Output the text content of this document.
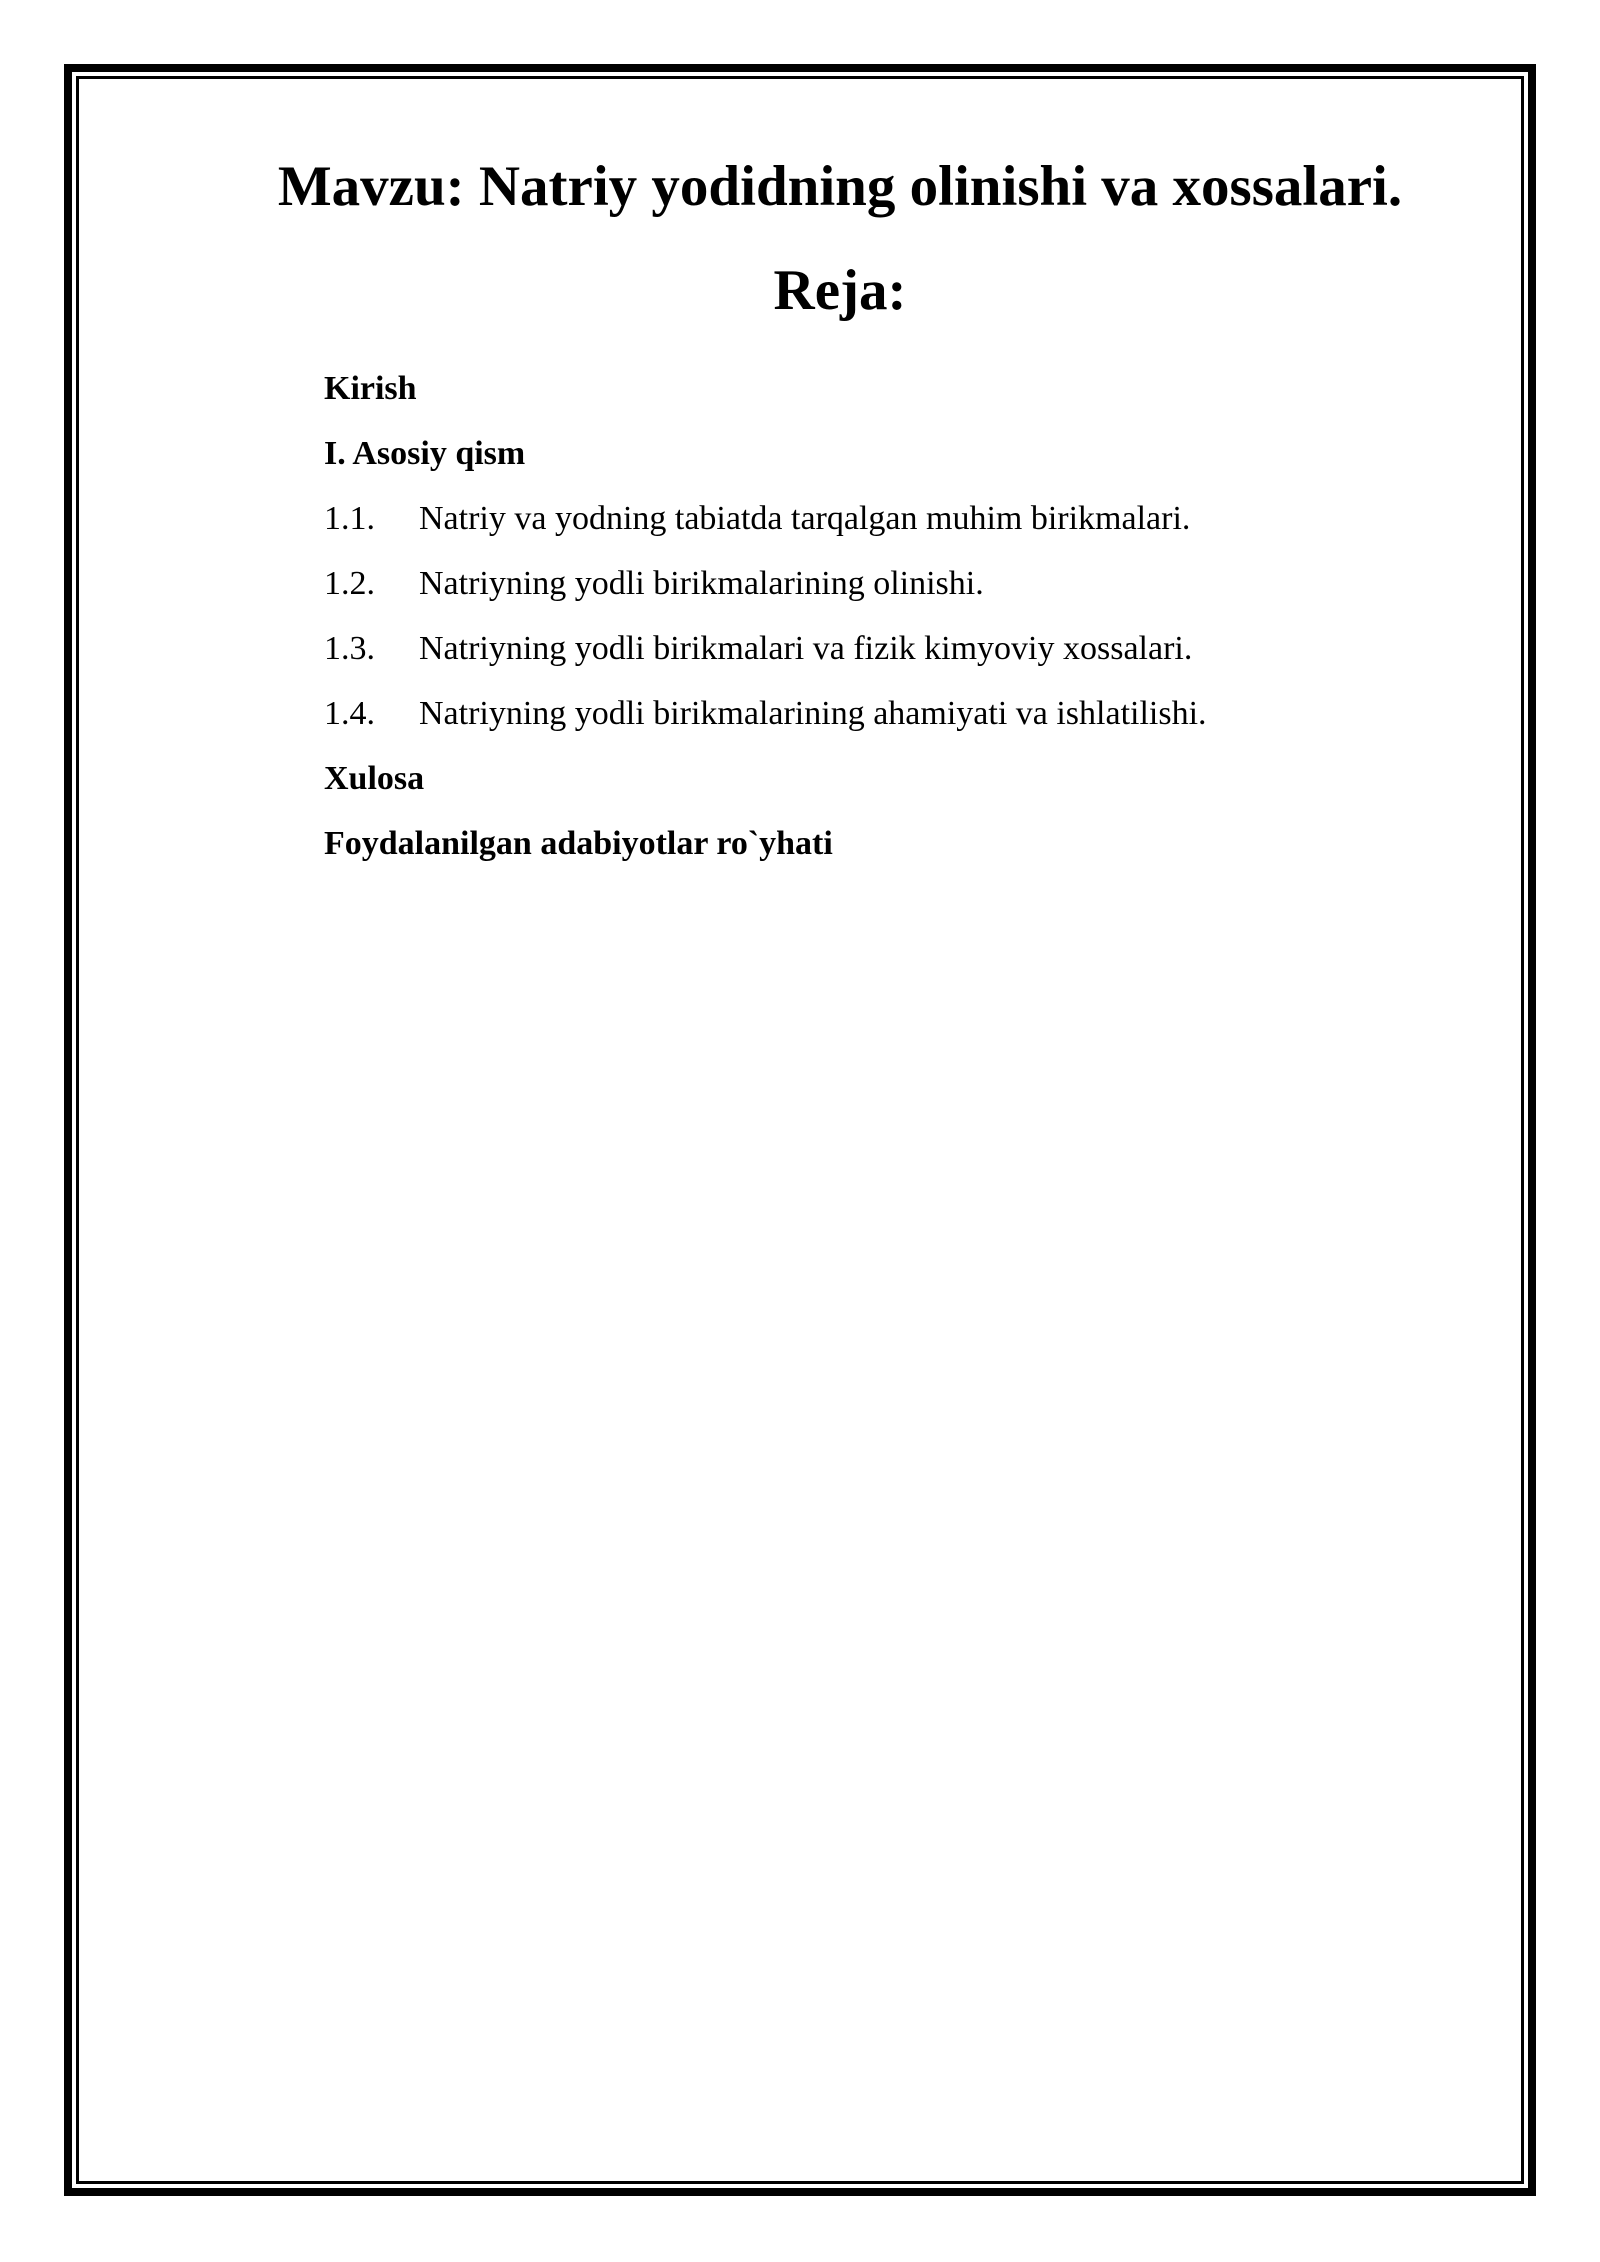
Mavzu: Natriy yodidning olinishi va xossalari.
Reja:
Kirish
I. Asosiy qism
1.1. Natriy va yodning tabiatda tarqalgan muhim birikmalari.
1.2. Natriyning yodli birikmalarining olinishi.
1.3. Natriyning yodli birikmalari va fizik kimyoviy xossalari.
1.4. Natriyning yodli birikmalarining ahamiyati va ishlatilishi.
Xulosa
Foydalanilgan adabiyotlar ro`yhati
